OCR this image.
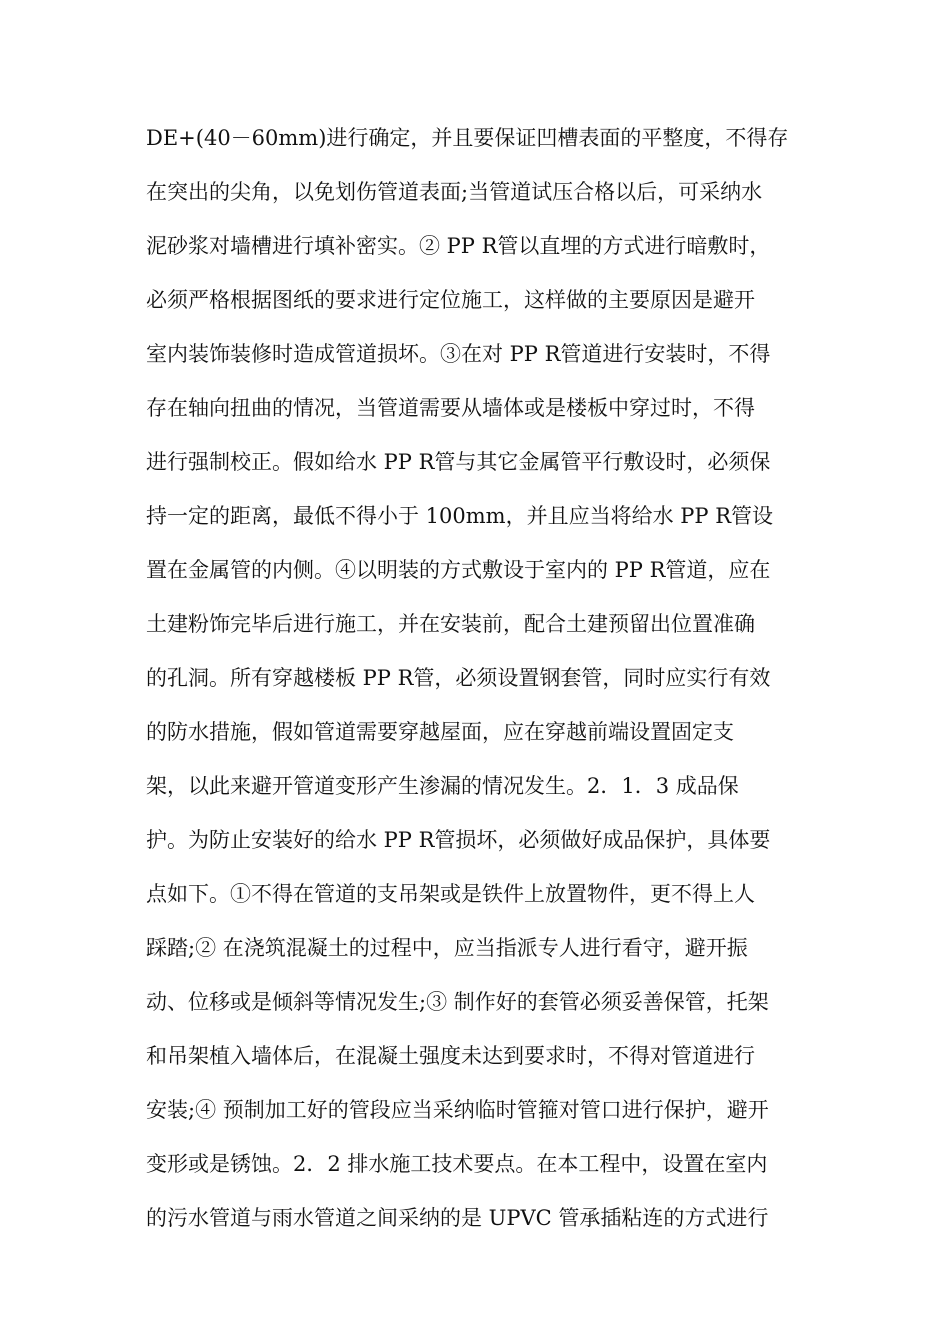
DE+(40－60mm)进行确定，并且要保证凹槽表面的平整度，不得存
在突出的尖角，以免划伤管道表面;当管道试压合格以后，可采纳水
泥砂浆对墙槽进行填补密实。② PP R管以直埋的方式进行暗敷时，
必须严格根据图纸的要求进行定位施工，这样做的主要原因是避开
室内装饰装修时造成管道损坏。③在对 PP R管道进行安装时，不得
存在轴向扭曲的情况，当管道需要从墙体或是楼板中穿过时，不得
进行强制校正。假如给水 PP R管与其它金属管平行敷设时，必须保
持一定的距离，最低不得小于 100mm，并且应当将给水 PP R管设
置在金属管的内侧。④以明装的方式敷设于室内的 PP R管道，应在
土建粉饰完毕后进行施工，并在安装前，配合土建预留出位置准确
的孔洞。所有穿越楼板 PP R管，必须设置钢套管，同时应实行有效
的防水措施，假如管道需要穿越屋面，应在穿越前端设置固定支
架，以此来避开管道变形产生渗漏的情况发生。2．1．3 成品保
护。为防止安装好的给水 PP R管损坏，必须做好成品保护，具体要
点如下。①不得在管道的支吊架或是铁件上放置物件，更不得上人
踩踏;② 在浇筑混凝土的过程中，应当指派专人进行看守，避开振
动、位移或是倾斜等情况发生;③ 制作好的套管必须妥善保管，托架
和吊架植入墙体后，在混凝土强度未达到要求时，不得对管道进行
安装;④ 预制加工好的管段应当采纳临时管箍对管口进行保护，避开
变形或是锈蚀。2．2 排水施工技术要点。在本工程中，设置在室内
的污水管道与雨水管道之间采纳的是 UPVC 管承插粘连的方式进行
